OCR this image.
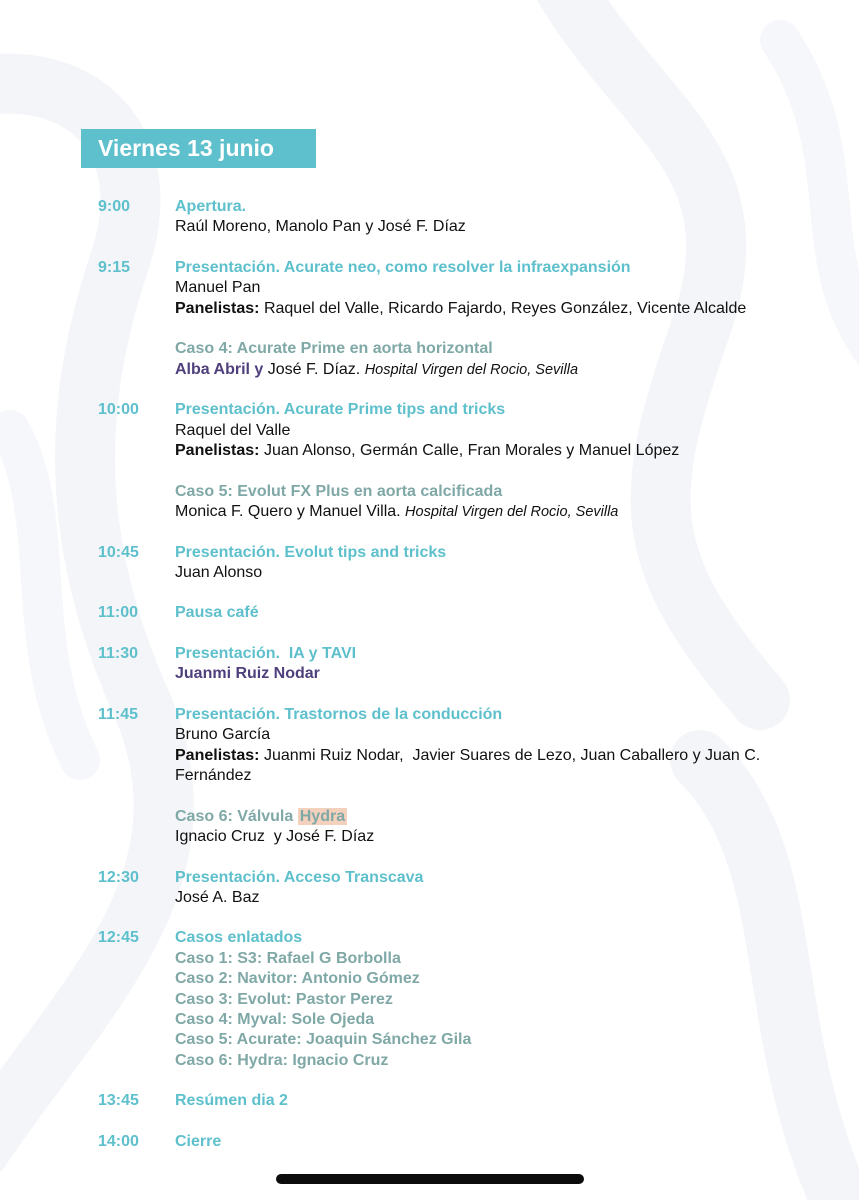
Viernes 13 junio
9:00	Apertura.
Raúl Moreno, Manolo Pan y José F. Díaz
9:15	Presentación. Acurate neo, como resolver la infraexpansión
Manuel Pan
Panelistas: Raquel del Valle, Ricardo Fajardo, Reyes González, Vicente Alcalde
Caso 4: Acurate Prime en aorta horizontal
Alba Abril y José F. Díaz. Hospital Virgen del Rocio, Sevilla
10:00	Presentación. Acurate Prime tips and tricks
Raquel del Valle
Panelistas: Juan Alonso, Germán Calle, Fran Morales y Manuel López
Caso 5: Evolut FX Plus en aorta calcificada
Monica F. Quero y Manuel Villa. Hospital Virgen del Rocio, Sevilla
10:45	Presentación. Evolut tips and tricks
Juan Alonso
11:00	Pausa café
11:30	Presentación.  IA y TAVI
Juanmi Ruiz Nodar
11:45	Presentación. Trastornos de la conducción
Bruno García
Panelistas: Juanmi Ruiz Nodar,  Javier Suares de Lezo, Juan Caballero y Juan C. Fernández
Caso 6: Válvula Hydra
Ignacio Cruz  y José F. Díaz
12:30	Presentación. Acceso Transcava
José A. Baz
12:45	Casos enlatados
Caso 1: S3: Rafael G Borbolla
Caso 2: Navitor: Antonio Gómez
Caso 3: Evolut: Pastor Perez
Caso 4: Myval: Sole Ojeda
Caso 5: Acurate: Joaquin Sánchez Gila
Caso 6: Hydra: Ignacio Cruz
13:45	Resúmen dia 2
14:00	Cierre
